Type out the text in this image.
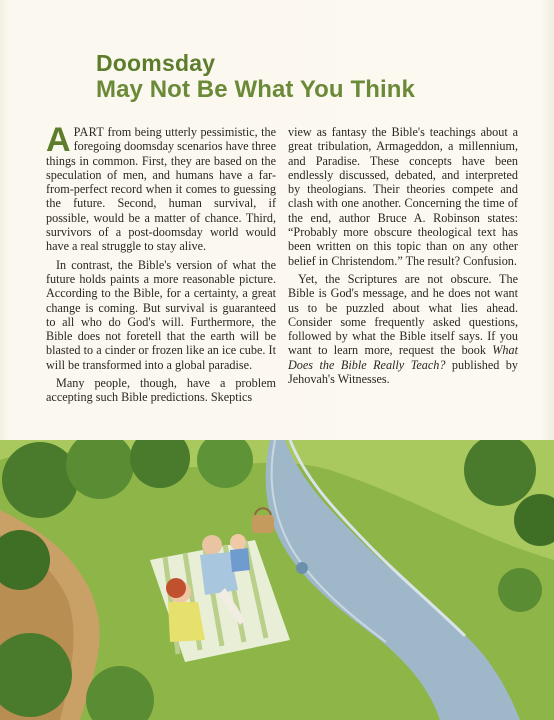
Doomsday
May Not Be What You Think

APART from being utterly pessimistic, the foregoing doomsday scenarios have three things in common. First, they are based on the speculation of men, and humans have a far-from-perfect record when it comes to guessing the future. Second, human survival, if possible, would be a matter of chance. Third, survivors of a post-doomsday world would have a real struggle to stay alive.

In contrast, the Bible's version of what the future holds paints a more reasonable picture. According to the Bible, for a certainty, a great change is coming. But survival is guaranteed to all who do God's will. Furthermore, the Bible does not foretell that the earth will be blasted to a cinder or frozen like an ice cube. It will be transformed into a global paradise.

Many people, though, have a problem accepting such Bible predictions. Skeptics

view as fantasy the Bible's teachings about a great tribulation, Armageddon, a millennium, and Paradise. These concepts have been endlessly discussed, debated, and interpreted by theologians. Their theories compete and clash with one another. Concerning the time of the end, author Bruce A. Robinson states: “Probably more obscure theological text has been written on this topic than on any other belief in Christendom.” The result? Confusion.

Yet, the Scriptures are not obscure. The Bible is God's message, and he does not want us to be puzzled about what lies ahead. Consider some frequently asked questions, followed by what the Bible itself says. If you want to learn more, request the book What Does the Bible Really Teach? published by Jehovah's Witnesses.
